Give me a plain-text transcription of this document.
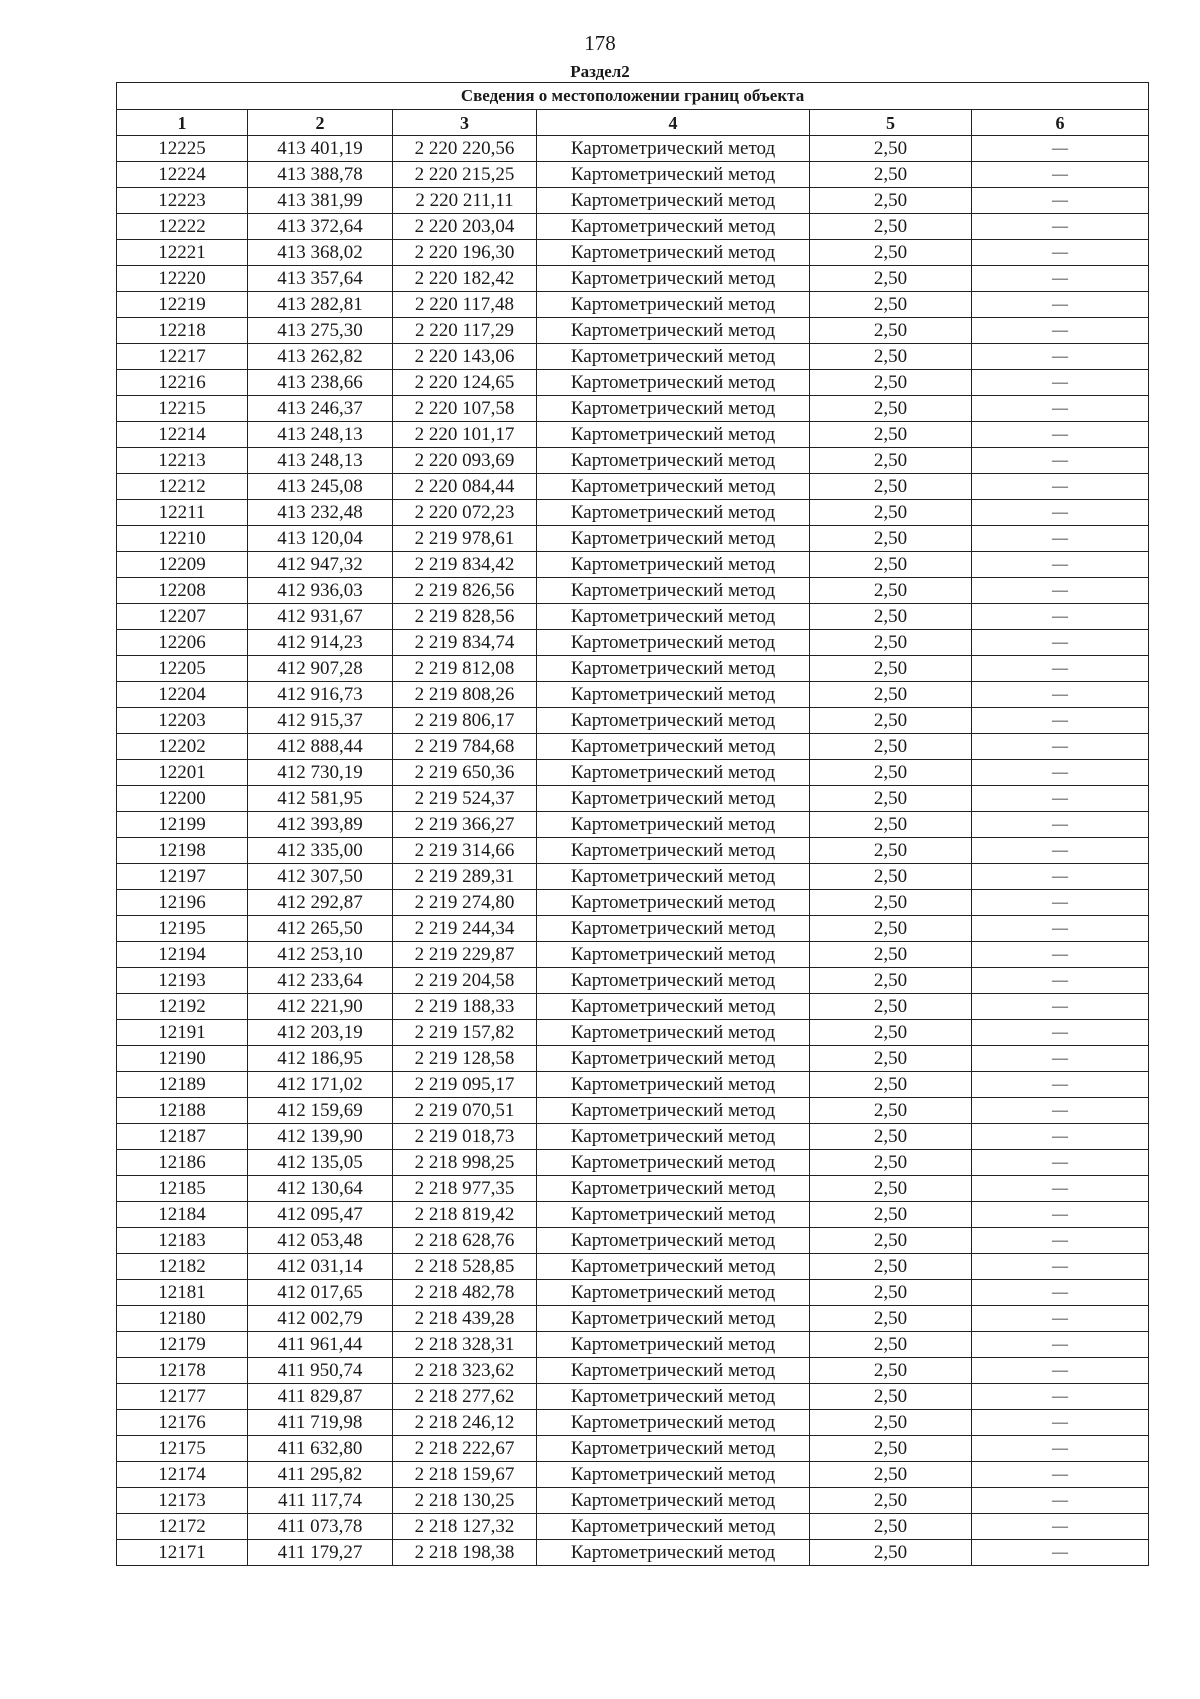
178
Раздел2
Сведения о местоположении границ объекта					
1	2	3	4	5	6
12225	413 401,19	2 220 220,56	Картометрический метод	2,50	—
12224	413 388,78	2 220 215,25	Картометрический метод	2,50	—
12223	413 381,99	2 220 211,11	Картометрический метод	2,50	—
12222	413 372,64	2 220 203,04	Картометрический метод	2,50	—
12221	413 368,02	2 220 196,30	Картометрический метод	2,50	—
12220	413 357,64	2 220 182,42	Картометрический метод	2,50	—
12219	413 282,81	2 220 117,48	Картометрический метод	2,50	—
12218	413 275,30	2 220 117,29	Картометрический метод	2,50	—
12217	413 262,82	2 220 143,06	Картометрический метод	2,50	—
12216	413 238,66	2 220 124,65	Картометрический метод	2,50	—
12215	413 246,37	2 220 107,58	Картометрический метод	2,50	—
12214	413 248,13	2 220 101,17	Картометрический метод	2,50	—
12213	413 248,13	2 220 093,69	Картометрический метод	2,50	—
12212	413 245,08	2 220 084,44	Картометрический метод	2,50	—
12211	413 232,48	2 220 072,23	Картометрический метод	2,50	—
12210	413 120,04	2 219 978,61	Картометрический метод	2,50	—
12209	412 947,32	2 219 834,42	Картометрический метод	2,50	—
12208	412 936,03	2 219 826,56	Картометрический метод	2,50	—
12207	412 931,67	2 219 828,56	Картометрический метод	2,50	—
12206	412 914,23	2 219 834,74	Картометрический метод	2,50	—
12205	412 907,28	2 219 812,08	Картометрический метод	2,50	—
12204	412 916,73	2 219 808,26	Картометрический метод	2,50	—
12203	412 915,37	2 219 806,17	Картометрический метод	2,50	—
12202	412 888,44	2 219 784,68	Картометрический метод	2,50	—
12201	412 730,19	2 219 650,36	Картометрический метод	2,50	—
12200	412 581,95	2 219 524,37	Картометрический метод	2,50	—
12199	412 393,89	2 219 366,27	Картометрический метод	2,50	—
12198	412 335,00	2 219 314,66	Картометрический метод	2,50	—
12197	412 307,50	2 219 289,31	Картометрический метод	2,50	—
12196	412 292,87	2 219 274,80	Картометрический метод	2,50	—
12195	412 265,50	2 219 244,34	Картометрический метод	2,50	—
12194	412 253,10	2 219 229,87	Картометрический метод	2,50	—
12193	412 233,64	2 219 204,58	Картометрический метод	2,50	—
12192	412 221,90	2 219 188,33	Картометрический метод	2,50	—
12191	412 203,19	2 219 157,82	Картометрический метод	2,50	—
12190	412 186,95	2 219 128,58	Картометрический метод	2,50	—
12189	412 171,02	2 219 095,17	Картометрический метод	2,50	—
12188	412 159,69	2 219 070,51	Картометрический метод	2,50	—
12187	412 139,90	2 219 018,73	Картометрический метод	2,50	—
12186	412 135,05	2 218 998,25	Картометрический метод	2,50	—
12185	412 130,64	2 218 977,35	Картометрический метод	2,50	—
12184	412 095,47	2 218 819,42	Картометрический метод	2,50	—
12183	412 053,48	2 218 628,76	Картометрический метод	2,50	—
12182	412 031,14	2 218 528,85	Картометрический метод	2,50	—
12181	412 017,65	2 218 482,78	Картометрический метод	2,50	—
12180	412 002,79	2 218 439,28	Картометрический метод	2,50	—
12179	411 961,44	2 218 328,31	Картометрический метод	2,50	—
12178	411 950,74	2 218 323,62	Картометрический метод	2,50	—
12177	411 829,87	2 218 277,62	Картометрический метод	2,50	—
12176	411 719,98	2 218 246,12	Картометрический метод	2,50	—
12175	411 632,80	2 218 222,67	Картометрический метод	2,50	—
12174	411 295,82	2 218 159,67	Картометрический метод	2,50	—
12173	411 117,74	2 218 130,25	Картометрический метод	2,50	—
12172	411 073,78	2 218 127,32	Картометрический метод	2,50	—
12171	411 179,27	2 218 198,38	Картометрический метод	2,50	—
